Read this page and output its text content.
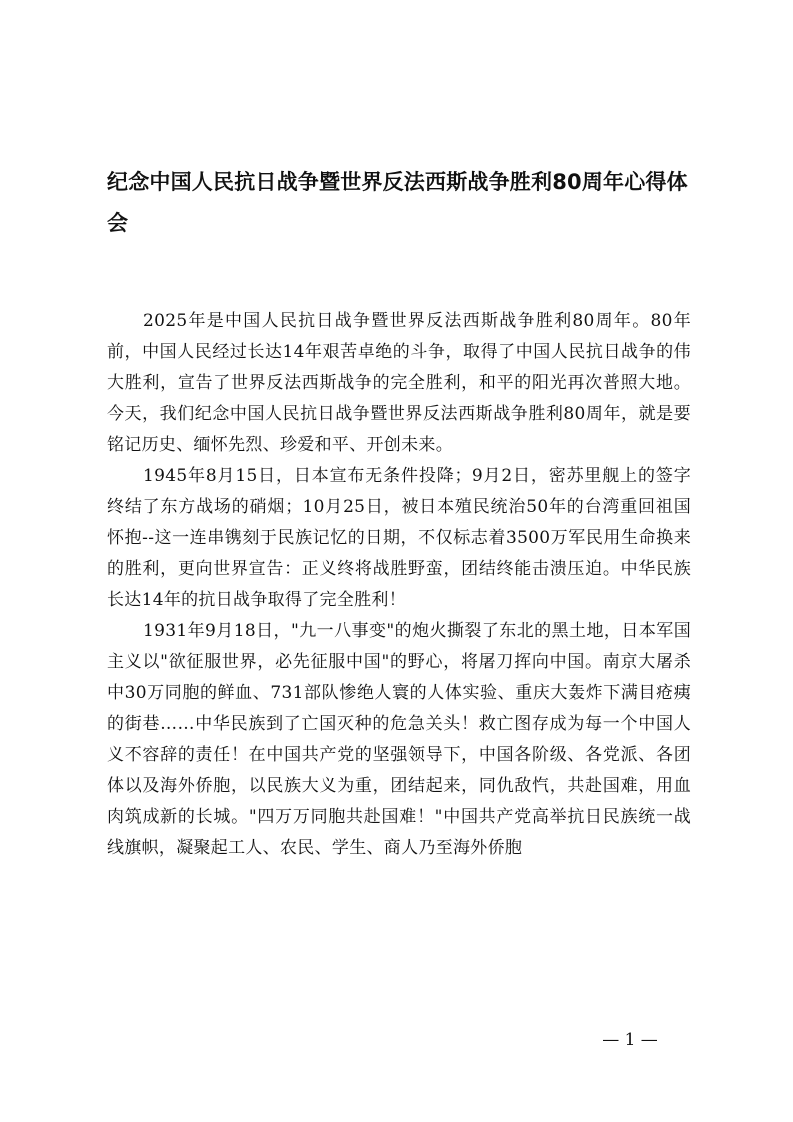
纪念中国人民抗日战争暨世界反法西斯战争胜利80周年心得体会

2025年是中国人民抗日战争暨世界反法西斯战争胜利80周年。80年前，中国人民经过长达14年艰苦卓绝的斗争，取得了中国人民抗日战争的伟大胜利，宣告了世界反法西斯战争的完全胜利，和平的阳光再次普照大地。今天，我们纪念中国人民抗日战争暨世界反法西斯战争胜利80周年，就是要铭记历史、缅怀先烈、珍爱和平、开创未来。

1945年8月15日，日本宣布无条件投降；9月2日，密苏里舰上的签字终结了东方战场的硝烟；10月25日，被日本殖民统治50年的台湾重回祖国怀抱--这一连串镌刻于民族记忆的日期，不仅标志着3500万军民用生命换来的胜利，更向世界宣告：正义终将战胜野蛮，团结终能击溃压迫。中华民族长达14年的抗日战争取得了完全胜利！

1931年9月18日，"九一八事变"的炮火撕裂了东北的黑土地，日本军国主义以"欲征服世界，必先征服中国"的野心，将屠刀挥向中国。南京大屠杀中30万同胞的鲜血、731部队惨绝人寰的人体实验、重庆大轰炸下满目疮痍的街巷……中华民族到了亡国灭种的危急关头！救亡图存成为每一个中国人义不容辞的责任！在中国共产党的坚强领导下，中国各阶级、各党派、各团体以及海外侨胞，以民族大义为重，团结起来，同仇敌忾，共赴国难，用血肉筑成新的长城。"四万万同胞共赴国难！"中国共产党高举抗日民族统一战线旗帜，凝聚起工人、农民、学生、商人乃至海外侨胞

— 1 —
